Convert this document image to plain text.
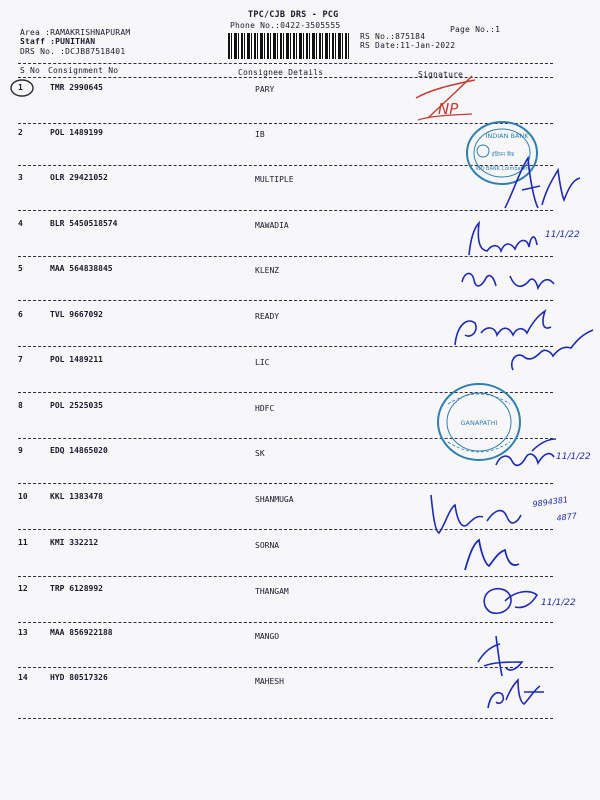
TPC/CJB DRS - PCG
Phone No.:0422-3505555	Page No.:1
Area :RAMAKRISHNAPURAM
Staff :PUNITHAN
DRS No. :DCJB87518401
RS No.:875184
RS Date:11-Jan-2022
S No Consignment No	Consignee Details	Signature
1	TMR 2990645	PARY
2	POL 1489199	IB
3	OLR 29421052	MULTIPLE
4	BLR 5450518574	MAWADIA
5	MAA 564838845	KLENZ
6	TVL 9667092	READY
7	POL 1489211	LIC
8	POL 2525035	HDFC
9	EDQ 14865020	SK
10	KKL 1383478	SHANMUGA
11	KMI 332212	SORNA
12	TRP 6128992	THANGAM
13	MAA 856922188	MANGO
14	HYD 80517326	MAHESH
NP
INDIAN BANK
इंडियन बैंक
IND BANK Coimbatore
GANAPATHI
11/1/22
11/1/22
9894381
4877
11/1/22
